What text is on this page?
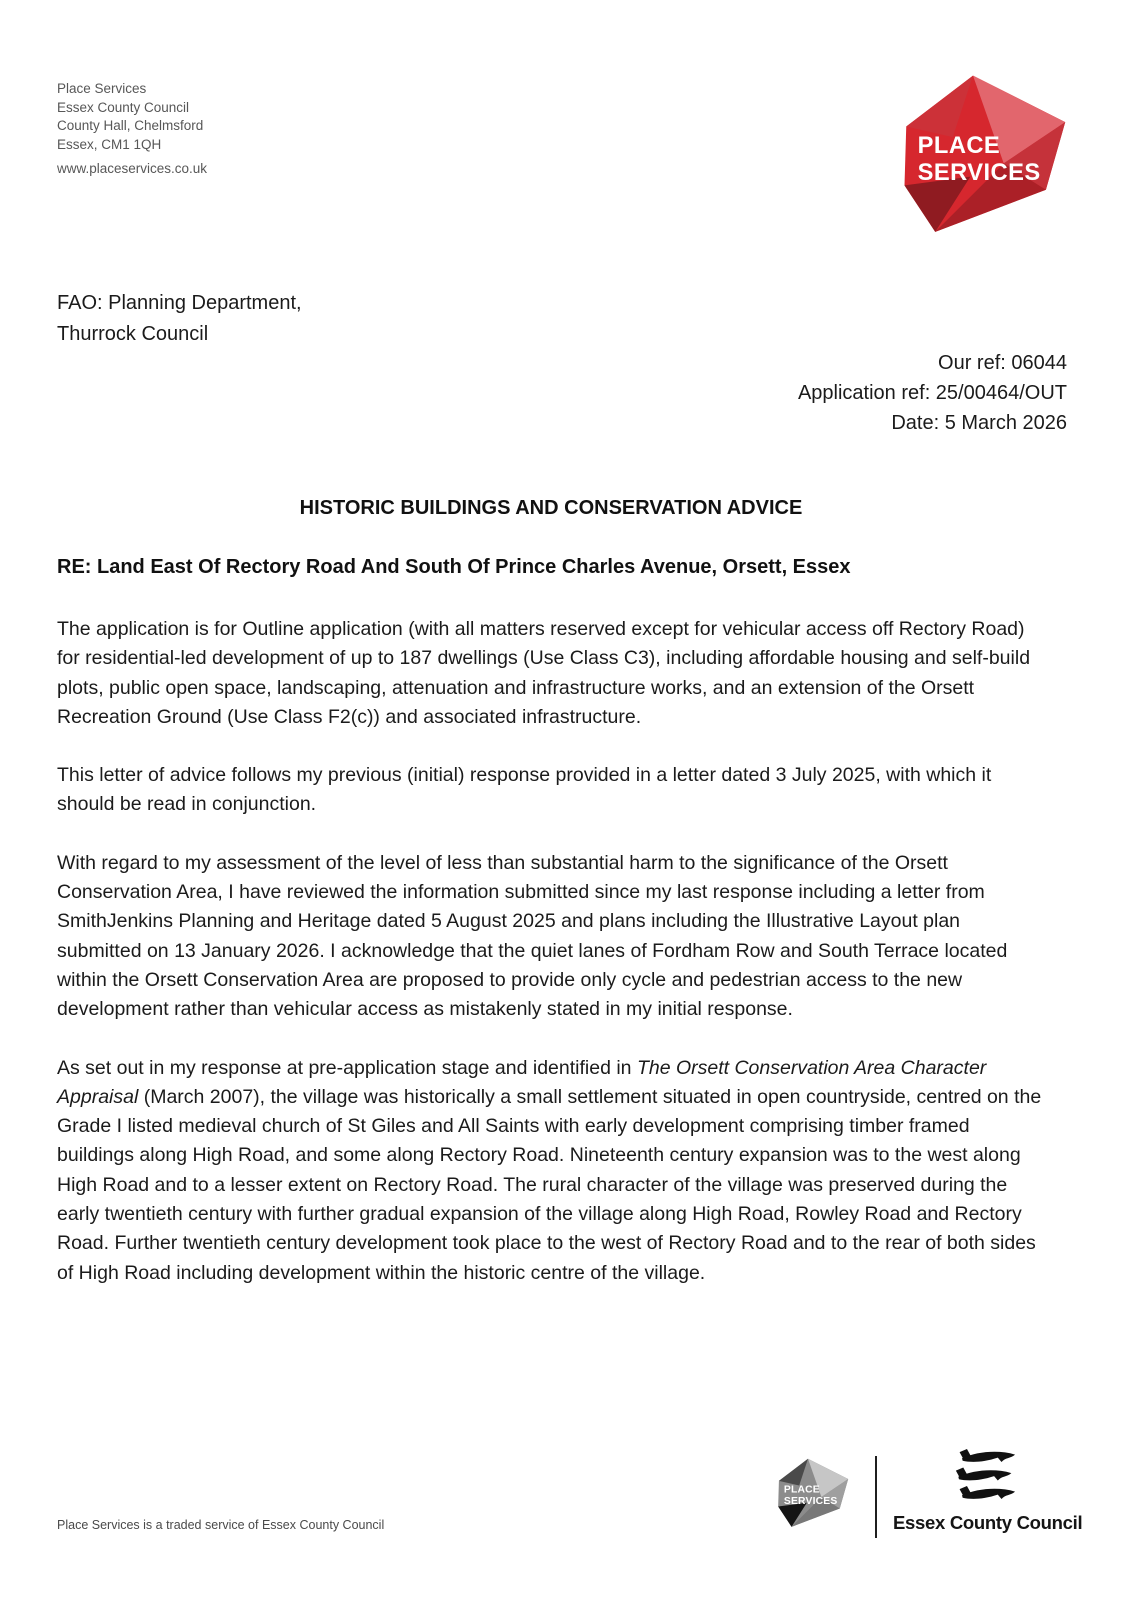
Place Services
Essex County Council
County Hall, Chelmsford
Essex, CM1 1QH
www.placeservices.co.uk
PLACE
SERVICES
FAO: Planning Department,
Thurrock Council
Our ref: 06044
Application ref: 25/00464/OUT
Date: 5 March 2026
HISTORIC BUILDINGS AND CONSERVATION ADVICE
RE: Land East Of Rectory Road And South Of Prince Charles Avenue, Orsett, Essex

The application is for Outline application (with all matters reserved except for vehicular access off Rectory Road) for residential-led development of up to 187 dwellings (Use Class C3), including affordable housing and self-build plots, public open space, landscaping, attenuation and infrastructure works, and an extension of the Orsett Recreation Ground (Use Class F2(c)) and associated infrastructure.

This letter of advice follows my previous (initial) response provided in a letter dated 3 July 2025, with which it should be read in conjunction.

With regard to my assessment of the level of less than substantial harm to the significance of the Orsett Conservation Area, I have reviewed the information submitted since my last response including a letter from SmithJenkins Planning and Heritage dated 5 August 2025 and plans including the Illustrative Layout plan submitted on 13 January 2026. I acknowledge that the quiet lanes of Fordham Row and South Terrace located within the Orsett Conservation Area are proposed to provide only cycle and pedestrian access to the new development rather than vehicular access as mistakenly stated in my initial response.

As set out in my response at pre-application stage and identified in The Orsett Conservation Area Character Appraisal (March 2007), the village was historically a small settlement situated in open countryside, centred on the Grade I listed medieval church of St Giles and All Saints with early development comprising timber framed buildings along High Road, and some along Rectory Road. Nineteenth century expansion was to the west along High Road and to a lesser extent on Rectory Road. The rural character of the village was preserved during the early twentieth century with further gradual expansion of the village along High Road, Rowley Road and Rectory Road. Further twentieth century development took place to the west of Rectory Road and to the rear of both sides of High Road including development within the historic centre of the village.

Place Services is a traded service of Essex County Council
PLACE
SERVICES
Essex County Council
